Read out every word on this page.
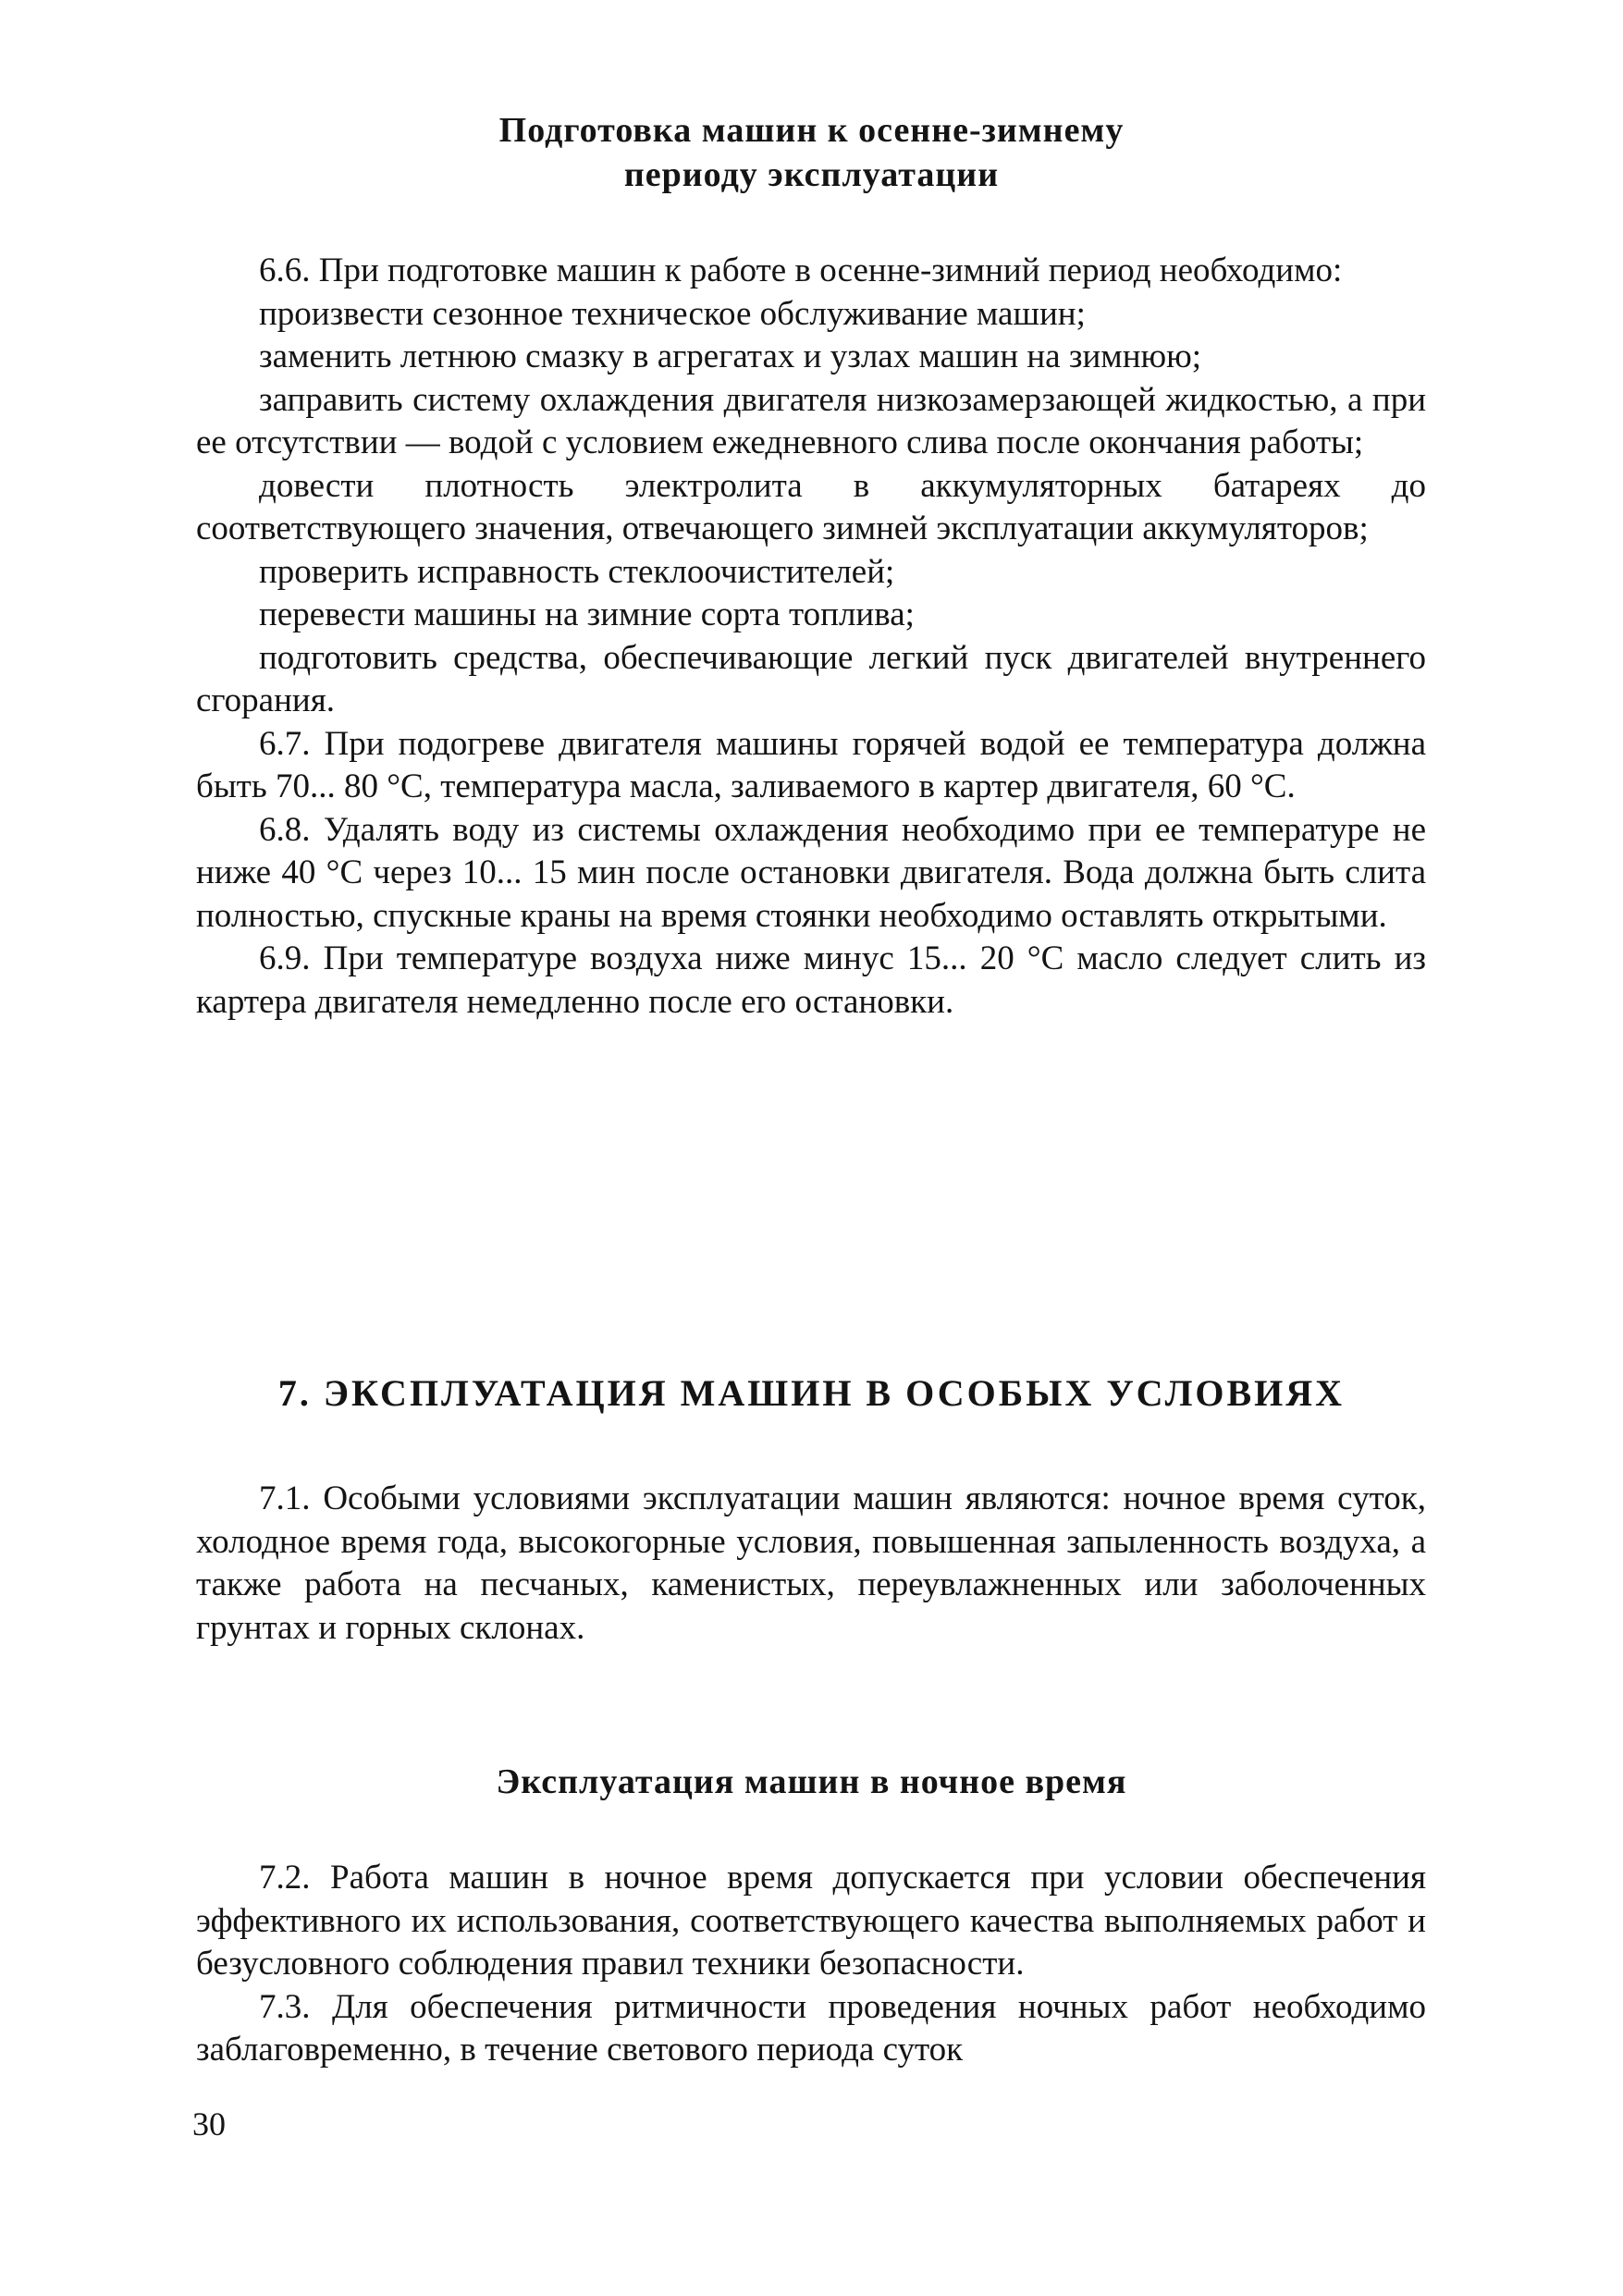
Подготовка машин к осенне-зимнему
периоду эксплуатации

6.6. При подготовке машин к работе в осенне-зимний период необходимо:

произвести сезонное техническое обслуживание машин;

заменить летнюю смазку в агрегатах и узлах машин на зимнюю;

заправить систему охлаждения двигателя низкозамерзающей жидкостью, а при ее отсутствии — водой с условием ежедневного слива после окончания работы;

довести плотность электролита в аккумуляторных батареях до соответствующего значения, отвечающего зимней эксплуатации аккумуляторов;

проверить исправность стеклоочистителей;

перевести машины на зимние сорта топлива;

подготовить средства, обеспечивающие легкий пуск двигателей внутреннего сгорания.

6.7. При подогреве двигателя машины горячей водой ее температура должна быть 70... 80 °С, температура масла, заливаемого в картер двигателя, 60 °С.

6.8. Удалять воду из системы охлаждения необходимо при ее температуре не ниже 40 °С через 10... 15 мин после остановки двигателя. Вода должна быть слита полностью, спускные краны на время стоянки необходимо оставлять открытыми.

6.9. При температуре воздуха ниже минус 15... 20 °С масло следует слить из картера двигателя немедленно после его остановки.

7. ЭКСПЛУАТАЦИЯ МАШИН В ОСОБЫХ УСЛОВИЯХ

7.1. Особыми условиями эксплуатации машин являются: ночное время суток, холодное время года, высокогорные условия, повышенная запыленность воздуха, а также работа на песчаных, каменистых, переувлажненных или заболоченных грунтах и горных склонах.

Эксплуатация машин в ночное время

7.2. Работа машин в ночное время допускается при условии обеспечения эффективного их использования, соответствующего качества выполняемых работ и безусловного соблюдения правил техники безопасности.

7.3. Для обеспечения ритмичности проведения ночных работ необходимо заблаговременно, в течение светового периода суток

30
